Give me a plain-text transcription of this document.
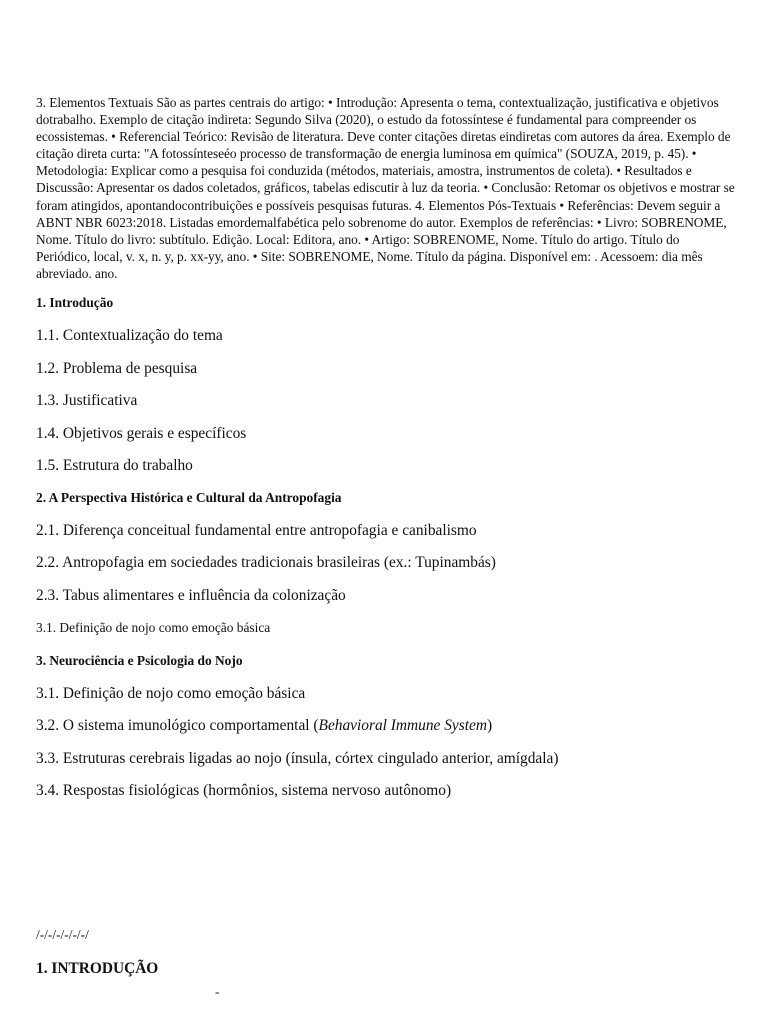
3. Elementos Textuais São as partes centrais do artigo: • Introdução: Apresenta o tema, contextualização, justificativa e objetivos dotrabalho. Exemplo de citação indireta: Segundo Silva (2020), o estudo da fotossíntese é fundamental para compreender os ecossistemas. • Referencial Teórico: Revisão de literatura. Deve conter citações diretas eindiretas com autores da área. Exemplo de citação direta curta: "A fotossínteseéo processo de transformação de energia luminosa em química" (SOUZA, 2019, p. 45). • Metodologia: Explicar como a pesquisa foi conduzida (métodos, materiais, amostra, instrumentos de coleta). • Resultados e Discussão: Apresentar os dados coletados, gráficos, tabelas ediscutir à luz da teoria. • Conclusão: Retomar os objetivos e mostrar se foram atingidos, apontandocontribuições e possíveis pesquisas futuras. 4. Elementos Pós-Textuais • Referências: Devem seguir a ABNT NBR 6023:2018. Listadas emordemalfabética pelo sobrenome do autor. Exemplos de referências: • Livro: SOBRENOME, Nome. Título do livro: subtítulo. Edição. Local: Editora, ano. • Artigo: SOBRENOME, Nome. Título do artigo. Título do Periódico, local, v. x, n. y, p. xx-yy, ano. • Site: SOBRENOME, Nome. Título da página. Disponível em: . Acessoem: dia mês abreviado. ano.

1. Introdução

1.1. Contextualização do tema

1.2. Problema de pesquisa

1.3. Justificativa

1.4. Objetivos gerais e específicos

1.5. Estrutura do trabalho

2. A Perspectiva Histórica e Cultural da Antropofagia

2.1. Diferença conceitual fundamental entre antropofagia e canibalismo

2.2. Antropofagia em sociedades tradicionais brasileiras (ex.: Tupinambás)

2.3. Tabus alimentares e influência da colonização

3.1. Definição de nojo como emoção básica

3. Neurociência e Psicologia do Nojo

3.1. Definição de nojo como emoção básica

3.2. O sistema imunológico comportamental (Behavioral Immune System)

3.3. Estruturas cerebrais ligadas ao nojo (ínsula, córtex cingulado anterior, amígdala)

3.4. Respostas fisiológicas (hormônios, sistema nervoso autônomo)

/-/-/-/-/-/-/
1. INTRODUÇÃO
-
